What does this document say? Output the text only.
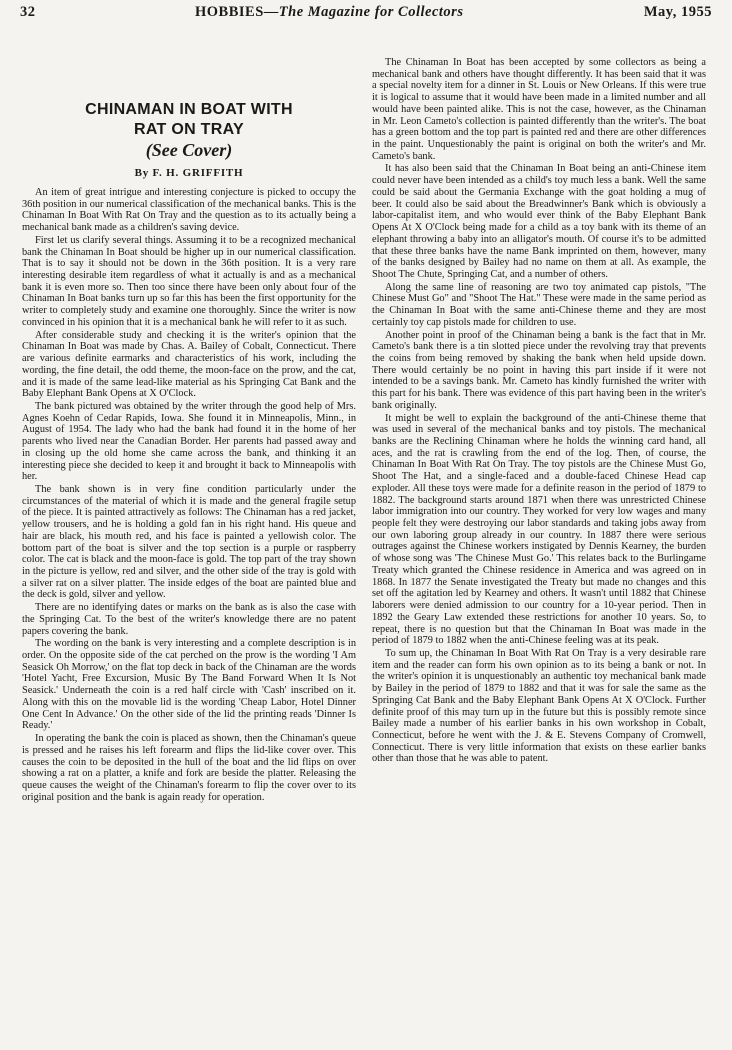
32	HOBBIES—The Magazine for Collectors	May, 1955
CHINAMAN IN BOAT WITH
RAT ON TRAY
(See Cover)
By F. H. GRIFFITH

An item of great intrigue and interesting conjecture is picked to occupy the 36th position in our numerical classification of the mechanical banks. This is the Chinaman In Boat With Rat On Tray and the question as to its actually being a mechanical bank made as a children's saving device.

First let us clarify several things. Assuming it to be a recognized mechanical bank the Chinaman In Boat should be higher up in our numerical classification. That is to say it should not be down in the 36th position. It is a very rare interesting desirable item regardless of what it actually is and as a mechanical bank it is even more so. Then too since there have been only about four of the Chinaman In Boat banks turn up so far this has been the first opportunity for the writer to completely study and examine one thoroughly. Since the writer is now convinced in his opinion that it is a mechanical bank he will refer to it as such.

After considerable study and checking it is the writer's opinion that the Chinaman In Boat was made by Chas. A. Bailey of Cobalt, Connecticut. There are various definite earmarks and characteristics of his work, including the wording, the fine detail, the odd theme, the moon-face on the prow, and the cat, and it is made of the same lead-like material as his Springing Cat Bank and the Baby Elephant Bank Opens at X O'Clock.

The bank pictured was obtained by the writer through the good help of Mrs. Agnes Koehn of Cedar Rapids, Iowa. She found it in Minneapolis, Minn., in August of 1954. The lady who had the bank had found it in the home of her parents who lived near the Canadian Border. Her parents had passed away and in closing up the old home she came across the bank, and thinking it an interesting piece she decided to keep it and brought it back to Minneapolis with her.

The bank shown is in very fine condition particularly under the circumstances of the material of which it is made and the general fragile setup of the piece. It is painted attractively as follows: The Chinaman has a red jacket, yellow trousers, and he is holding a gold fan in his right hand. His queue and hair are black, his mouth red, and his face is painted a yellowish color. The bottom part of the boat is silver and the top section is a purple or raspberry color. The cat is black and the moon-face is gold. The top part of the tray shown in the picture is yellow, red and silver, and the other side of the tray is gold with a silver rat on a silver platter. The inside edges of the boat are painted blue and the deck is gold, silver and yellow.

There are no identifying dates or marks on the bank as is also the case with the Springing Cat. To the best of the writer's knowledge there are no patent papers covering the bank.

The wording on the bank is very interesting and a complete description is in order. On the opposite side of the cat perched on the prow is the wording 'I Am Seasick Oh Morrow,' on the flat top deck in back of the Chinaman are the words 'Hotel Yacht, Free Excursion, Music By The Band Forward When It Is Not Seasick.' Underneath the coin is a red half circle with 'Cash' inscribed on it. Along with this on the movable lid is the wording 'Cheap Labor, Hotel Dinner One Cent In Advance.' On the other side of the lid the printing reads 'Dinner Is Ready.'

In operating the bank the coin is placed as shown, then the Chinaman's queue is pressed and he raises his left forearm and flips the lid-like cover over. This causes the coin to be deposited in the hull of the boat and the lid flips on over showing a rat on a platter, a knife and fork are beside the platter. Releasing the queue causes the weight of the Chinaman's forearm to flip the cover over to its original position and the bank is again ready for operation.

The Chinaman In Boat has been accepted by some collectors as being a mechanical bank and others have thought differently. It has been said that it was a special novelty item for a dinner in St. Louis or New Orleans. If this were true it is logical to assume that it would have been made in a limited number and all would have been painted alike. This is not the case, however, as the Chinaman in Mr. Leon Cameto's collection is painted differently than the writer's. The boat has a green bottom and the top part is painted red and there are other differences in the paint. Unquestionably the paint is original on both the writer's and Mr. Cameto's bank.

It has also been said that the Chinaman In Boat being an anti-Chinese item could never have been intended as a child's toy much less a bank. Well the same could be said about the Germania Exchange with the goat holding a mug of beer. It could also be said about the Breadwinner's Bank which is obviously a labor-capitalist item, and who would ever think of the Baby Elephant Bank Opens At X O'Clock being made for a child as a toy bank with its theme of an elephant throwing a baby into an alligator's mouth. Of course it's to be admitted that these three banks have the name Bank imprinted on them, however, many of the banks designed by Bailey had no name on them at all. As example, the Shoot The Chute, Springing Cat, and a number of others.

Along the same line of reasoning are two toy animated cap pistols, "The Chinese Must Go" and "Shoot The Hat." These were made in the same period as the Chinaman In Boat with the same anti-Chinese theme and they are most certainly toy cap pistols made for children to use.

Another point in proof of the Chinaman being a bank is the fact that in Mr. Cameto's bank there is a tin slotted piece under the revolving tray that prevents the coins from being removed by shaking the bank when held upside down. There would certainly be no point in having this part inside if it were not intended to be a savings bank. Mr. Cameto has kindly furnished the writer with this part for his bank. There was evidence of this part having been in the writer's bank originally.

It might be well to explain the background of the anti-Chinese theme that was used in several of the mechanical banks and toy pistols. The mechanical banks are the Reclining Chinaman where he holds the winning card hand, all aces, and the rat is crawling from the end of the log. Then, of course, the Chinaman In Boat With Rat On Tray. The toy pistols are the Chinese Must Go, Shoot The Hat, and a single-faced and a double-faced Chinese Head cap exploder. All these toys were made for a definite reason in the period of 1879 to 1882. The background starts around 1871 when there was unrestricted Chinese labor immigration into our country. They worked for very low wages and many people felt they were destroying our labor standards and taking jobs away from our own laboring group already in our country. In 1887 there were serious outrages against the Chinese workers instigated by Dennis Kearney, the burden of whose song was 'The Chinese Must Go.' This relates back to the Burlingame Treaty which granted the Chinese residence in America and was agreed on in 1868. In 1877 the Senate investigated the Treaty but made no changes and this set off the agitation led by Kearney and others. It wasn't until 1882 that Chinese laborers were denied admission to our country for a 10-year period. Then in 1892 the Geary Law extended these restrictions for another 10 years. So, to repeat, there is no question but that the Chinaman In Boat was made in the period of 1879 to 1882 when the anti-Chinese feeling was at its peak.

To sum up, the Chinaman In Boat With Rat On Tray is a very desirable rare item and the reader can form his own opinion as to its being a bank or not. In the writer's opinion it is unquestionably an authentic toy mechanical bank made by Bailey in the period of 1879 to 1882 and that it was for sale the same as the Springing Cat Bank and the Baby Elephant Bank Opens At X O'Clock. Further definite proof of this may turn up in the future but this is possibly remote since Bailey made a number of his earlier banks in his own workshop in Cobalt, Connecticut, before he went with the J. & E. Stevens Company of Cromwell, Connecticut. There is very little information that exists on these earlier banks other than those that he was able to patent.
